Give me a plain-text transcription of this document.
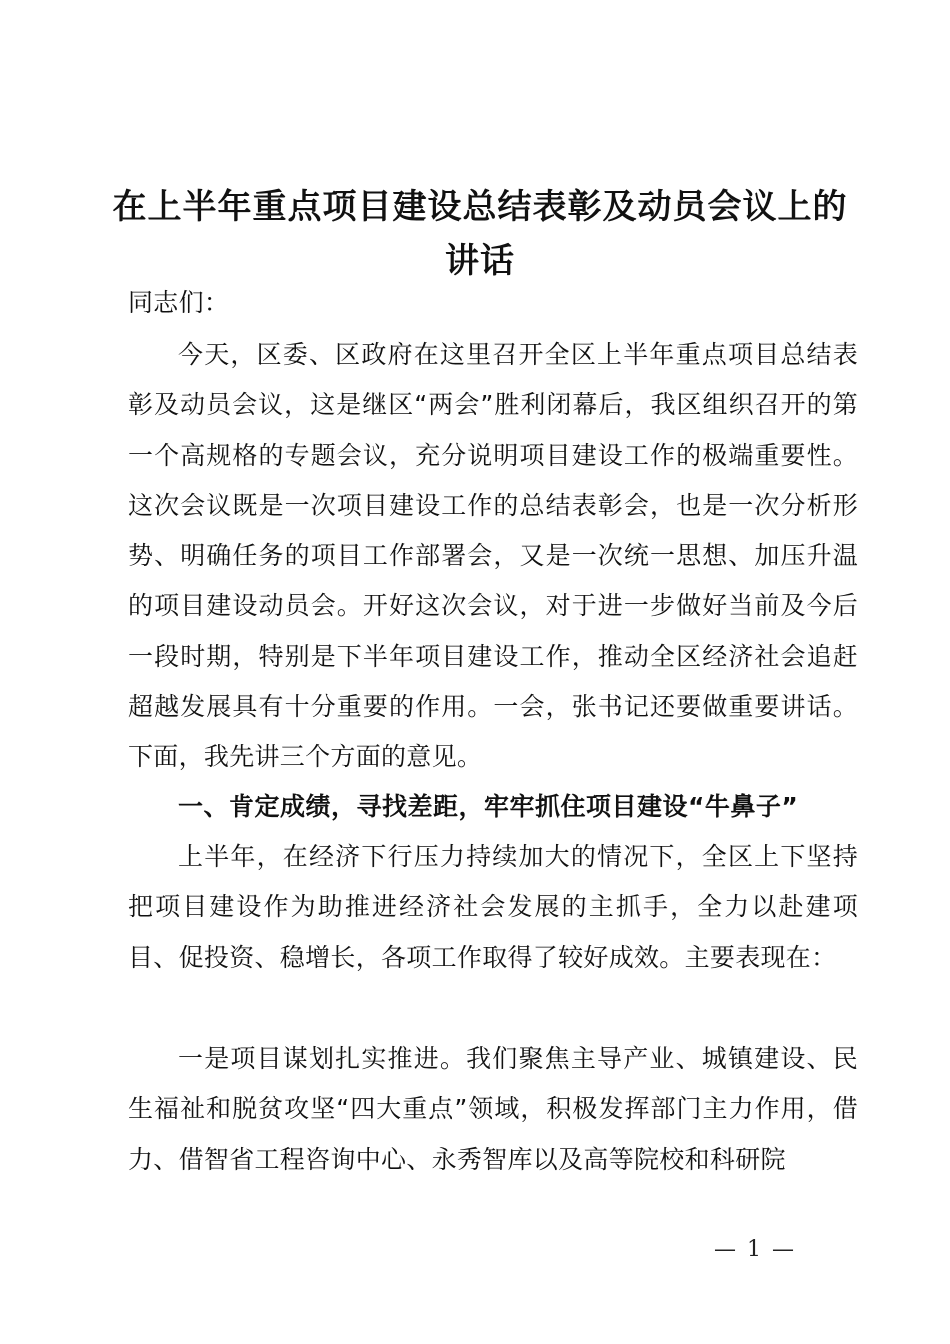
在上半年重点项目建设总结表彰及动员会议上的讲话

同志们：

今天，区委、区政府在这里召开全区上半年重点项目总结表彰及动员会议，这是继区“两会”胜利闭幕后，我区组织召开的第一个高规格的专题会议，充分说明项目建设工作的极端重要性。这次会议既是一次项目建设工作的总结表彰会，也是一次分析形势、明确任务的项目工作部署会，又是一次统一思想、加压升温的项目建设动员会。开好这次会议，对于进一步做好当前及今后一段时期，特别是下半年项目建设工作，推动全区经济社会追赶超越发展具有十分重要的作用。一会，张书记还要做重要讲话。下面，我先讲三个方面的意见。

一、肯定成绩，寻找差距，牢牢抓住项目建设“牛鼻子”

上半年，在经济下行压力持续加大的情况下，全区上下坚持把项目建设作为助推进经济社会发展的主抓手，全力以赴建项目、促投资、稳增长，各项工作取得了较好成效。主要表现在：

一是项目谋划扎实推进。我们聚焦主导产业、城镇建设、民生福祉和脱贫攻坚“四大重点”领域，积极发挥部门主力作用，借力、借智省工程咨询中心、永秀智库以及高等院校和科研院

— 1 —
